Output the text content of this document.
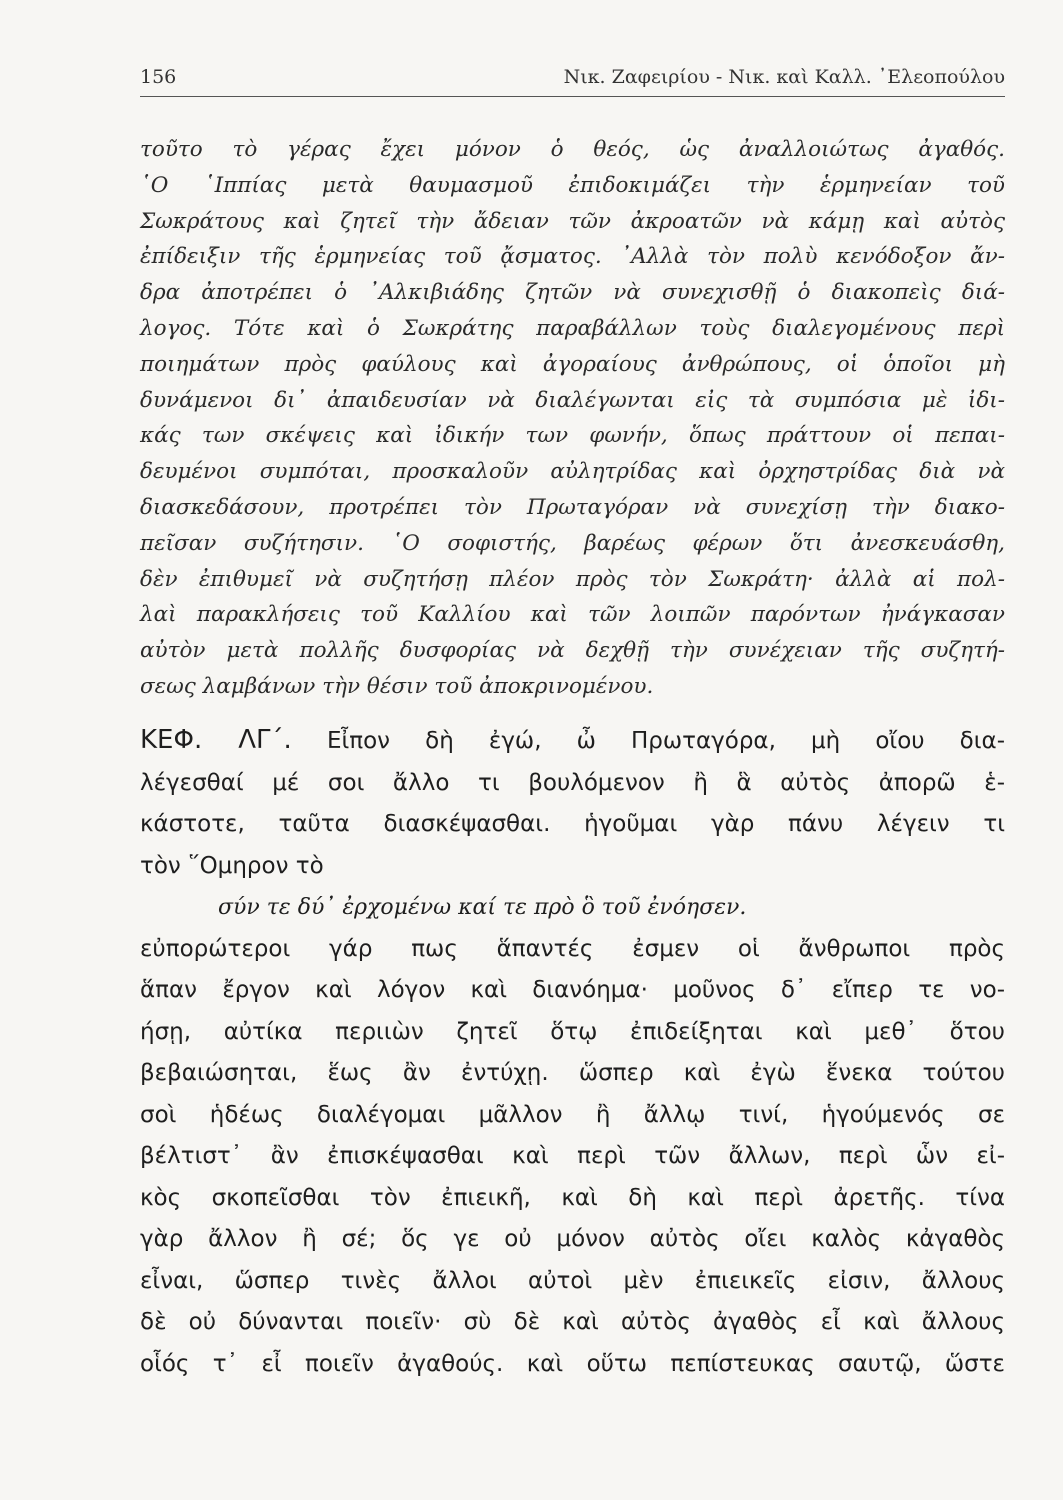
156	Νικ. Ζαφειρίου - Νικ. καὶ Καλλ. ᾿Ελεοπούλου
τοῦτο τὸ γέρας ἔχει μόνον ὁ θεός, ὡς ἀναλλοιώτως ἀγαθός.
῾Ο ῾Ιππίας μετὰ θαυμασμοῦ ἐπιδοκιμάζει τὴν ἑρμηνείαν τοῦ
Σωκράτους καὶ ζητεῖ τὴν ἄδειαν τῶν ἀκροατῶν νὰ κάμῃ καὶ αὐτὸς
ἐπίδειξιν τῆς ἑρμηνείας τοῦ ᾄσματος. ᾿Αλλὰ τὸν πολὺ κενόδοξον ἄν-
δρα ἀποτρέπει ὁ ᾿Αλκιβιάδης ζητῶν νὰ συνεχισθῇ ὁ διακοπεὶς διά-
λογος. Τότε καὶ ὁ Σωκράτης παραβάλλων τοὺς διαλεγομένους περὶ
ποιημάτων πρὸς φαύλους καὶ ἀγοραίους ἀνθρώπους, οἱ ὁποῖοι μὴ
δυνάμενοι δι᾿ ἀπαιδευσίαν νὰ διαλέγωνται εἰς τὰ συμπόσια μὲ ἰδι-
κάς των σκέψεις καὶ ἰδικήν των φωνήν, ὅπως πράττουν οἱ πεπαι-
δευμένοι συμπόται, προσκαλοῦν αὐλητρίδας καὶ ὀρχηστρίδας διὰ νὰ
διασκεδάσουν, προτρέπει τὸν Πρωταγόραν νὰ συνεχίσῃ τὴν διακο-
πεῖσαν συζήτησιν. ῾Ο σοφιστής, βαρέως φέρων ὅτι ἀνεσκευάσθη,
δὲν ἐπιθυμεῖ νὰ συζητήσῃ πλέον πρὸς τὸν Σωκράτη· ἀλλὰ αἱ πολ-
λαὶ παρακλήσεις τοῦ Καλλίου καὶ τῶν λοιπῶν παρόντων ἠνάγκασαν
αὐτὸν μετὰ πολλῆς δυσφορίας νὰ δεχθῇ τὴν συνέχειαν τῆς συζητή-
σεως λαμβάνων τὴν θέσιν τοῦ ἀποκρινομένου.
ΚΕΦ. ΛΓ΄. Εἶπον δὴ ἐγώ, ὦ Πρωταγόρα, μὴ οἴου δια-
λέγεσθαί μέ σοι ἄλλο τι βουλόμενον ἢ ἃ αὐτὸς ἀπορῶ ἑ-
κάστοτε, ταῦτα διασκέψασθαι. ἡγοῦμαι γὰρ πάνυ λέγειν τι
τὸν ῞Ομηρον τὸ
σύν τε δύ᾿ ἐρχομένω καί τε πρὸ ὃ τοῦ ἐνόησεν.
εὐπορώτεροι γάρ πως ἅπαντές ἐσμεν οἱ ἄνθρωποι πρὸς
ἅπαν ἔργον καὶ λόγον καὶ διανόημα· μοῦνος δ᾿ εἴπερ τε νο-
ήσῃ, αὐτίκα περιιὼν ζητεῖ ὅτῳ ἐπιδείξηται καὶ μεθ᾿ ὅτου
βεβαιώσηται, ἕως ἂν ἐντύχῃ. ὥσπερ καὶ ἐγὼ ἕνεκα τούτου
σοὶ ἡδέως διαλέγομαι μᾶλλον ἢ ἄλλῳ τινί, ἡγούμενός σε
βέλτιστ᾿ ἂν ἐπισκέψασθαι καὶ περὶ τῶν ἄλλων, περὶ ὧν εἰ-
κὸς σκοπεῖσθαι τὸν ἐπιεικῆ, καὶ δὴ καὶ περὶ ἀρετῆς. τίνα
γὰρ ἄλλον ἢ σέ; ὅς γε οὐ μόνον αὐτὸς οἴει καλὸς κἀγαθὸς
εἶναι, ὥσπερ τινὲς ἄλλοι αὐτοὶ μὲν ἐπιεικεῖς εἰσιν, ἄλλους
δὲ οὐ δύνανται ποιεῖν· σὺ δὲ καὶ αὐτὸς ἀγαθὸς εἶ καὶ ἄλλους
οἷός τ᾿ εἶ ποιεῖν ἀγαθούς. καὶ οὕτω πεπίστευκας σαυτῷ, ὥστε
